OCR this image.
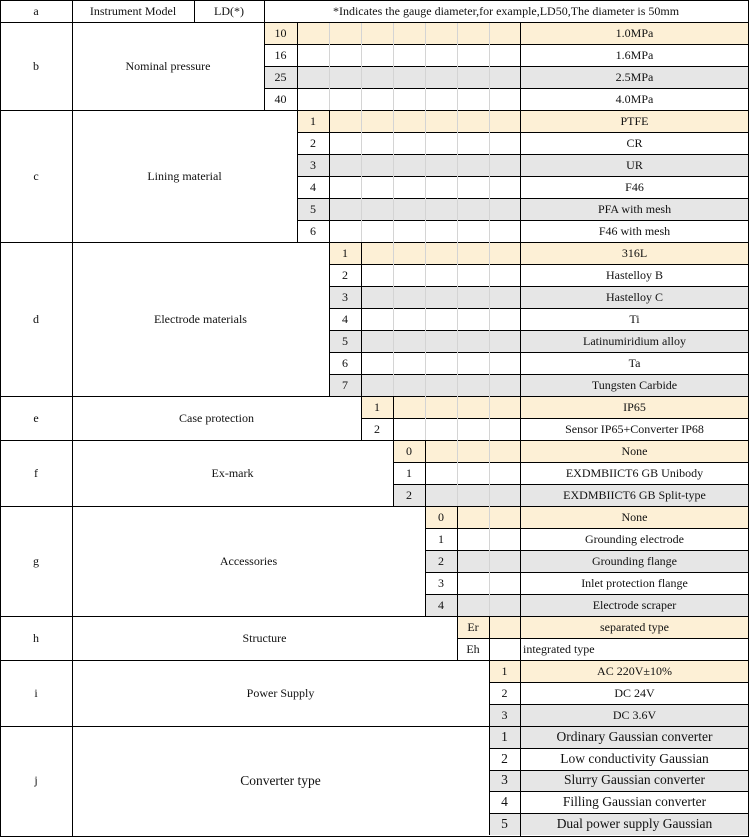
a	Instrument Model	LD(*)	*Indicates the gauge diameter,for example,LD50,The diameter is 50mm
b	Nominal pressure
10	1.0MPa
16	1.6MPa
25	2.5MPa
40	4.0MPa
c	Lining material
1	PTFE
2	CR
3	UR
4	F46
5	PFA with mesh
6	F46 with mesh
d	Electrode materials
1	316L
2	Hastelloy B
3	Hastelloy C
4	Ti
5	Latinumiridium alloy
6	Ta
7	Tungsten Carbide
e	Case protection
1	IP65
2	Sensor IP65+Converter IP68
f	Ex-mark
0	None
1	EXDMBIICT6 GB Unibody
2	EXDMBIICT6 GB Split-type
g	Accessories
0	None
1	Grounding electrode
2	Grounding flange
3	Inlet protection flange
4	Electrode scraper
h	Structure
Er	separated type
Eh	integrated type
i	Power Supply
1	AC 220V±10%
2	DC 24V
3	DC 3.6V
j	Converter type
1	Ordinary Gaussian converter
2	Low conductivity Gaussian
3	Slurry Gaussian converter
4	Filling Gaussian converter
5	Dual power supply Gaussian
